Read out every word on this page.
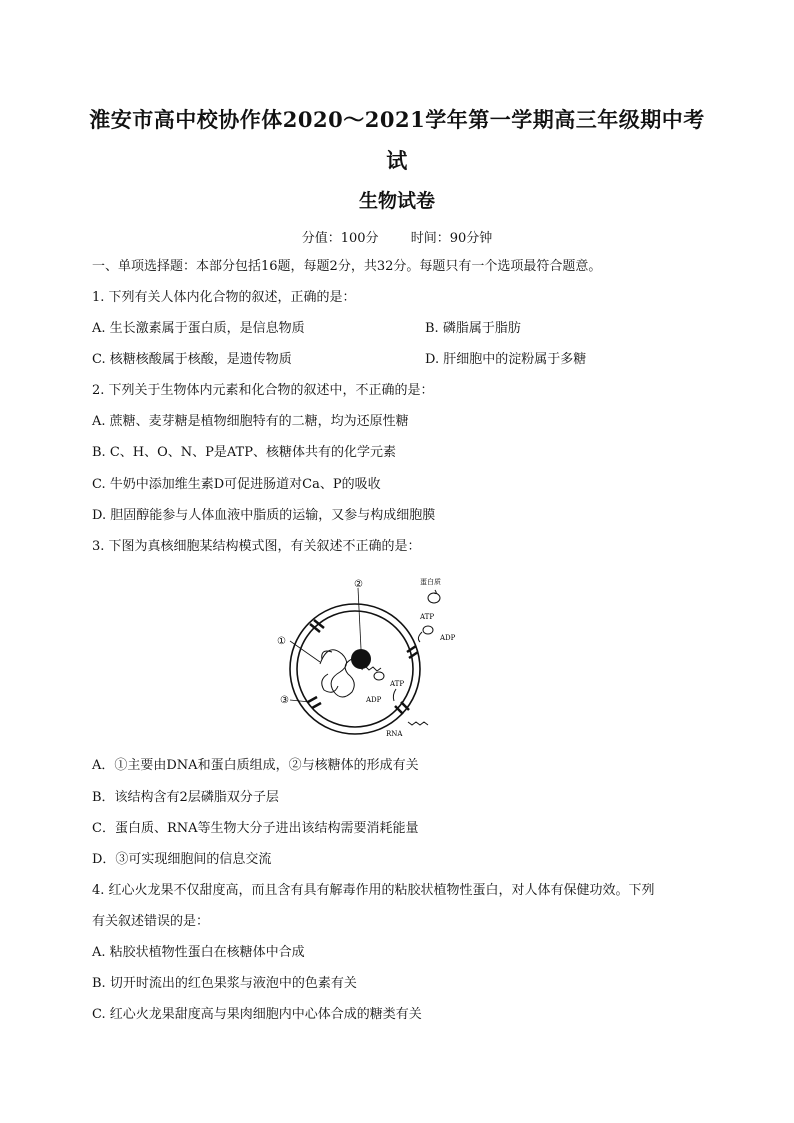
淮安市高中校协作体2020～2021学年第一学期高三年级期中考
试
生物试卷
分值：100分 时间：90分钟
一、单项选择题：本部分包括16题，每题2分，共32分。每题只有一个选项最符合题意。
1. 下列有关人体内化合物的叙述，正确的是：
A. 生长激素属于蛋白质，是信息物质	B. 磷脂属于脂肪
C. 核糖核酸属于核酸，是遗传物质	D. 肝细胞中的淀粉属于多糖
2. 下列关于生物体内元素和化合物的叙述中，不正确的是：
A. 蔗糖、麦芽糖是植物细胞特有的二糖，均为还原性糖
B. C、H、O、N、P是ATP、核糖体共有的化学元素
C. 牛奶中添加维生素D可促进肠道对Ca、P的吸收
D. 胆固醇能参与人体血液中脂质的运输，又参与构成细胞膜
3. 下图为真核细胞某结构模式图，有关叙述不正确的是：
②
①
③
蛋白质
ATP
ADP
ATP
ADP
RNA
A．①主要由DNA和蛋白质组成，②与核糖体的形成有关
B．该结构含有2层磷脂双分子层
C．蛋白质、RNA等生物大分子进出该结构需要消耗能量
D．③可实现细胞间的信息交流
4. 红心火龙果不仅甜度高，而且含有具有解毒作用的粘胶状植物性蛋白，对人体有保健功效。下列
有关叙述错误的是：
A. 粘胶状植物性蛋白在核糖体中合成
B. 切开时流出的红色果浆与液泡中的色素有关
C. 红心火龙果甜度高与果肉细胞内中心体合成的糖类有关
